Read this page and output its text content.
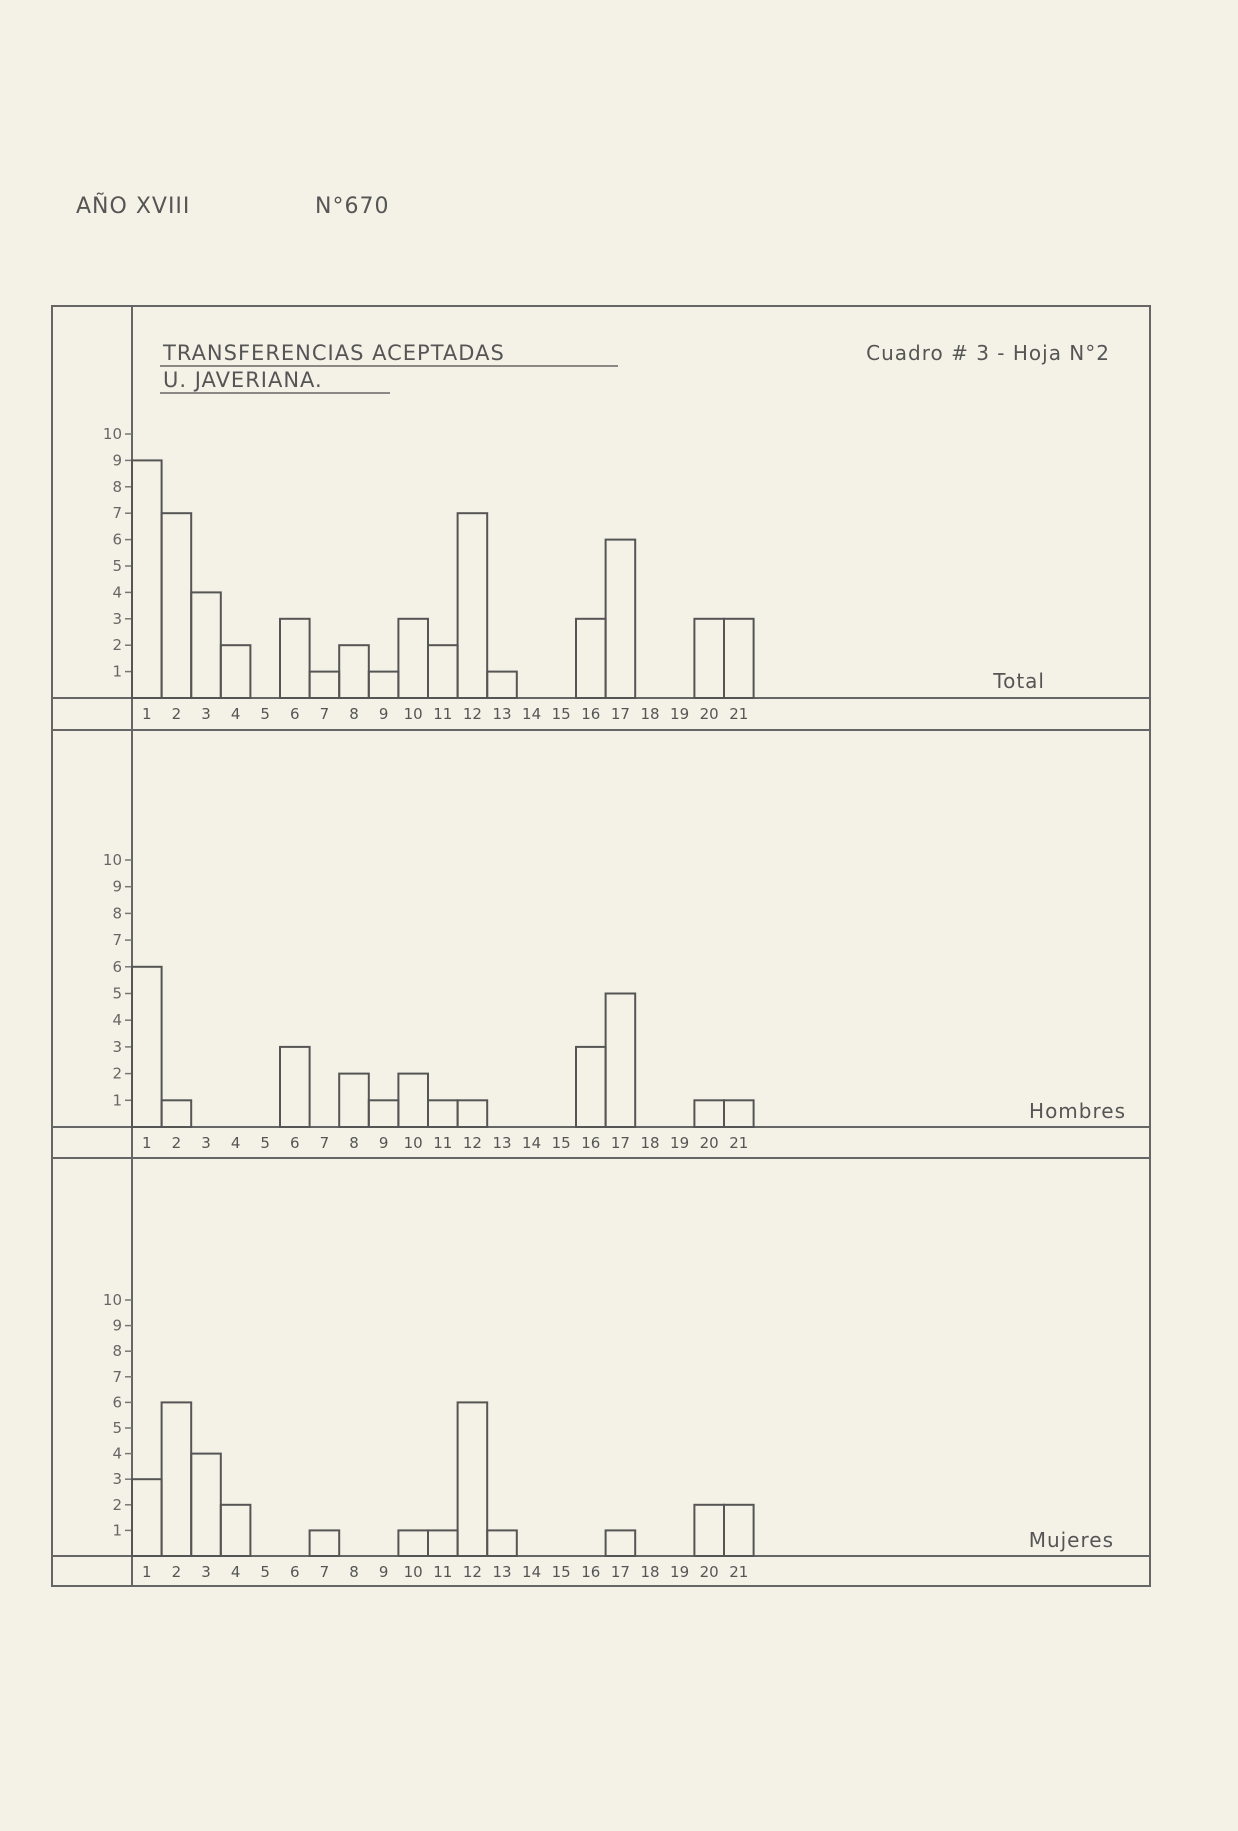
AÑO XVIII	N°670
TRANSFERENCIAS ACEPTADAS
U. JAVERIANA.
Cuadro # 3 - Hoja N°2
1
2
3
4
5
6
7
8
9
10
1 2 3 4 5 6 7 8 9 10 11 12 13 14 15 16 17 18 19 20 21
Total
1
2
3
4
5
6
7
8
9
10
1 2 3 4 5 6 7 8 9 10 11 12 13 14 15 16 17 18 19 20 21
Hombres
1
2
3
4
5
6
7
8
9
10
1 2 3 4 5 6 7 8 9 10 11 12 13 14 15 16 17 18 19 20 21
Mujeres
